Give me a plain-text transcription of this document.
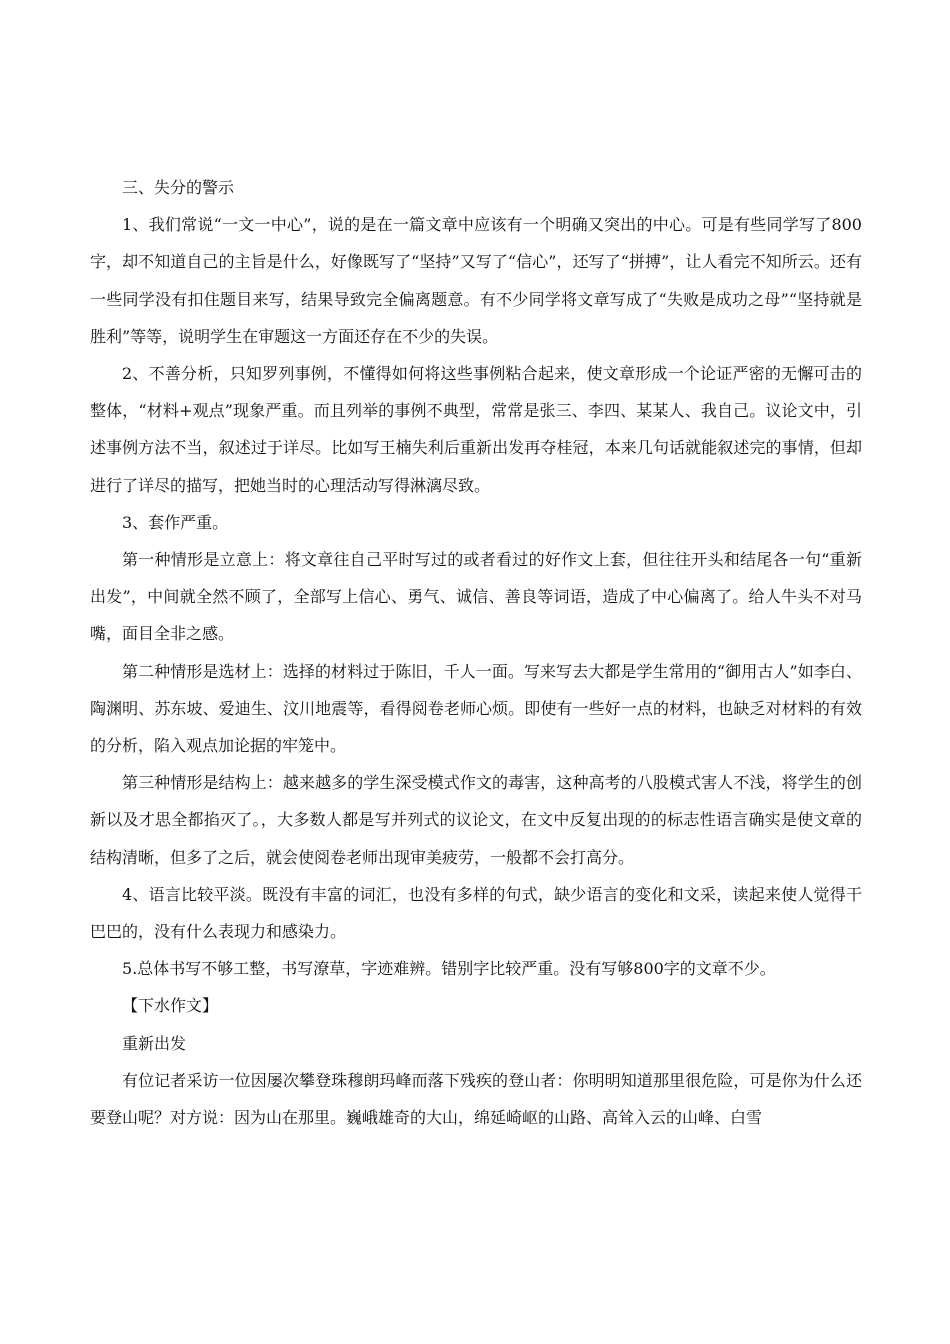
三、失分的警示

1、我们常说“一文一中心”，说的是在一篇文章中应该有一个明确又突出的中心。可是有些同学写了800字，却不知道自己的主旨是什么，好像既写了“坚持”又写了“信心”，还写了“拼搏”，让人看完不知所云。还有一些同学没有扣住题目来写，结果导致完全偏离题意。有不少同学将文章写成了“失败是成功之母”“坚持就是胜利”等等，说明学生在审题这一方面还存在不少的失误。

2、不善分析，只知罗列事例，不懂得如何将这些事例粘合起来，使文章形成一个论证严密的无懈可击的整体，“材料+观点”现象严重。而且列举的事例不典型，常常是张三、李四、某某人、我自己。议论文中，引述事例方法不当，叙述过于详尽。比如写王楠失利后重新出发再夺桂冠，本来几句话就能叙述完的事情，但却进行了详尽的描写，把她当时的心理活动写得淋漓尽致。

3、套作严重。

第一种情形是立意上：将文章往自己平时写过的或者看过的好作文上套，但往往开头和结尾各一句“重新出发”，中间就全然不顾了，全部写上信心、勇气、诚信、善良等词语，造成了中心偏离了。给人牛头不对马嘴，面目全非之感。

第二种情形是选材上：选择的材料过于陈旧，千人一面。写来写去大都是学生常用的“御用古人”如李白、陶渊明、苏东坡、爱迪生、汶川地震等，看得阅卷老师心烦。即使有一些好一点的材料，也缺乏对材料的有效的分析，陷入观点加论据的牢笼中。

第三种情形是结构上：越来越多的学生深受模式作文的毒害，这种高考的八股模式害人不浅，将学生的创新以及才思全都掐灭了。，大多数人都是写并列式的议论文，在文中反复出现的的标志性语言确实是使文章的结构清晰，但多了之后，就会使阅卷老师出现审美疲劳，一般都不会打高分。

4、语言比较平淡。既没有丰富的词汇，也没有多样的句式，缺少语言的变化和文采，读起来使人觉得干巴巴的，没有什么表现力和感染力。

5.总体书写不够工整，书写潦草，字迹难辨。错别字比较严重。没有写够800字的文章不少。

【下水作文】

重新出发

有位记者采访一位因屡次攀登珠穆朗玛峰而落下残疾的登山者：你明明知道那里很危险，可是你为什么还要登山呢？对方说：因为山在那里。巍峨雄奇的大山，绵延崎岖的山路、高耸入云的山峰、白雪
